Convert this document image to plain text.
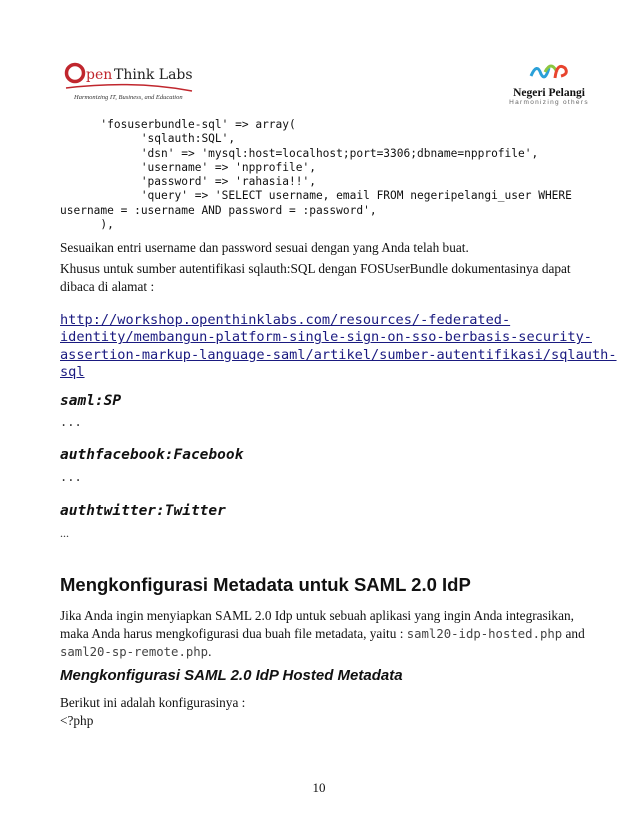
pen Think Labs
Harmonizing IT, Business, and Education	Negeri Pelangi
Harmonizing others
'fosuserbundle-sql' => array(
'sqlauth:SQL',
'dsn' => 'mysql:host=localhost;port=3306;dbname=npprofile',
'username' => 'npprofile',
'password' => 'rahasia!!',
'query' => 'SELECT username, email FROM negeripelangi_user WHERE
username = :username AND password = :password',
),
Sesuaikan entri username dan password sesuai dengan yang Anda telah buat.
Khusus untuk sumber autentifikasi sqlauth:SQL dengan FOSUserBundle dokumentasinya dapat dibaca di alamat :
http://workshop.openthinklabs.com/resources/-federated-
identity/membangun-platform-single-sign-on-sso-berbasis-security-
assertion-markup-language-saml/artikel/sumber-autentifikasi/sqlauth-
sql
saml:SP
...
authfacebook:Facebook
...
authtwitter:Twitter
...
Mengkonfigurasi Metadata untuk SAML 2.0 IdP
Jika Anda ingin menyiapkan SAML 2.0 Idp untuk sebuah aplikasi yang ingin Anda integrasikan, maka Anda harus mengkofigurasi dua buah file metadata, yaitu : saml20-idp-hosted.php and saml20-sp-remote.php.
Mengkonfigurasi SAML 2.0 IdP Hosted Metadata
Berikut ini adalah konfigurasinya :
<?php
10
